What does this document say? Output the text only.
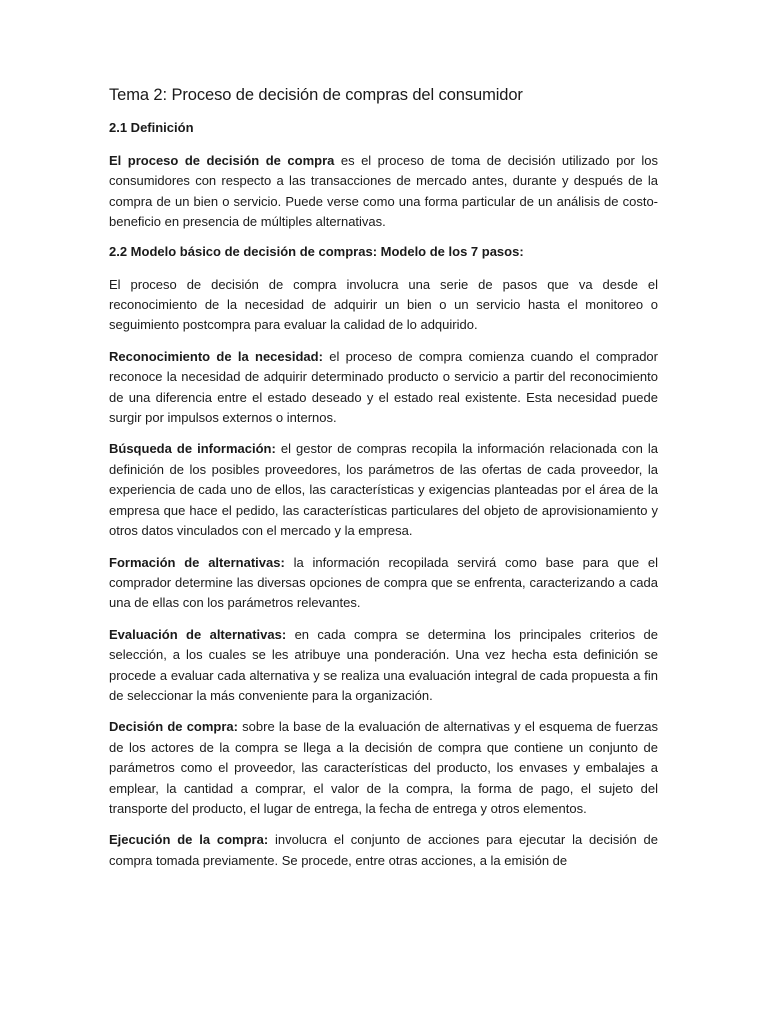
Tema 2: Proceso de decisión de compras del consumidor
2.1 Definición

El proceso de decisión de compra es el proceso de toma de decisión utilizado por los consumidores con respecto a las transacciones de mercado antes, durante y después de la compra de un bien o servicio. Puede verse como una forma particular de un análisis de costo-beneficio en presencia de múltiples alternativas.

2.2 Modelo básico de decisión de compras: Modelo de los 7 pasos:

El proceso de decisión de compra involucra una serie de pasos que va desde el reconocimiento de la necesidad de adquirir un bien o un servicio hasta el monitoreo o seguimiento postcompra para evaluar la calidad de lo adquirido.

Reconocimiento de la necesidad: el proceso de compra comienza cuando el comprador reconoce la necesidad de adquirir determinado producto o servicio a partir del reconocimiento de una diferencia entre el estado deseado y el estado real existente. Esta necesidad puede surgir por impulsos externos o internos.

Búsqueda de información: el gestor de compras recopila la información relacionada con la definición de los posibles proveedores, los parámetros de las ofertas de cada proveedor, la experiencia de cada uno de ellos, las características y exigencias planteadas por el área de la empresa que hace el pedido, las características particulares del objeto de aprovisionamiento y otros datos vinculados con el mercado y la empresa.

Formación de alternativas: la información recopilada servirá como base para que el comprador determine las diversas opciones de compra que se enfrenta, caracterizando a cada una de ellas con los parámetros relevantes.

Evaluación de alternativas: en cada compra se determina los principales criterios de selección, a los cuales se les atribuye una ponderación. Una vez hecha esta definición se procede a evaluar cada alternativa y se realiza una evaluación integral de cada propuesta a fin de seleccionar la más conveniente para la organización.

Decisión de compra: sobre la base de la evaluación de alternativas y el esquema de fuerzas de los actores de la compra se llega a la decisión de compra que contiene un conjunto de parámetros como el proveedor, las características del producto, los envases y embalajes a emplear, la cantidad a comprar, el valor de la compra, la forma de pago, el sujeto del transporte del producto, el lugar de entrega, la fecha de entrega y otros elementos.

Ejecución de la compra: involucra el conjunto de acciones para ejecutar la decisión de compra tomada previamente. Se procede, entre otras acciones, a la emisión de
